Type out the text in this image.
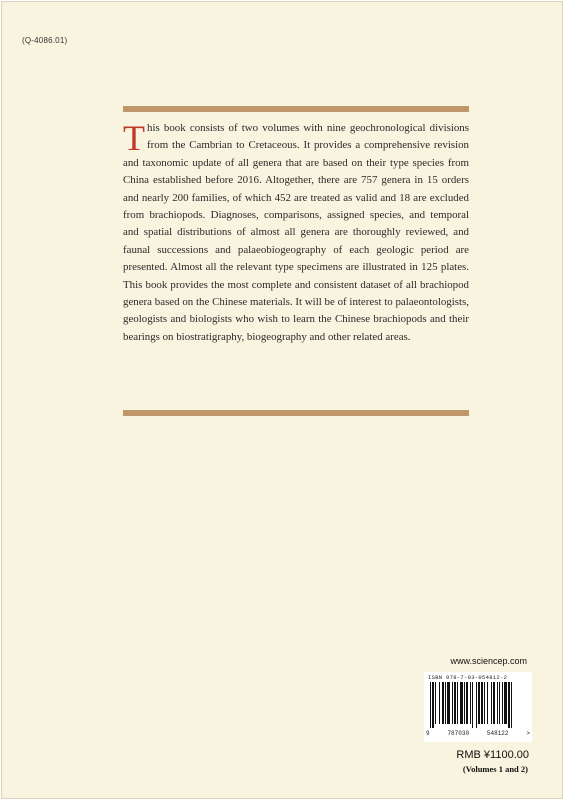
(Q-4086.01)
This book consists of two volumes with nine geochronological divisions from the Cambrian to Cretaceous. It provides a comprehensive revision and taxonomic update of all genera that are based on their type species from China established before 2016. Altogether, there are 757 genera in 15 orders and nearly 200 families, of which 452 are treated as valid and 18 are excluded from brachiopods. Diagnoses, comparisons, assigned species, and temporal and spatial distributions of almost all genera are thoroughly reviewed, and faunal successions and palaeobiogeography of each geologic period are presented. Almost all the relevant type specimens are illustrated in 125 plates. This book provides the most complete and consistent dataset of all brachiopod genera based on the Chinese materials. It will be of interest to palaeontologists, geologists and biologists who wish to learn the Chinese brachiopods and their bearings on biostratigraphy, biogeography and other related areas.
www.sciencep.com
ISBN 978-7-03-054812-2
9	787030	548122	>
RMB ¥1100.00
(Volumes 1 and 2)
